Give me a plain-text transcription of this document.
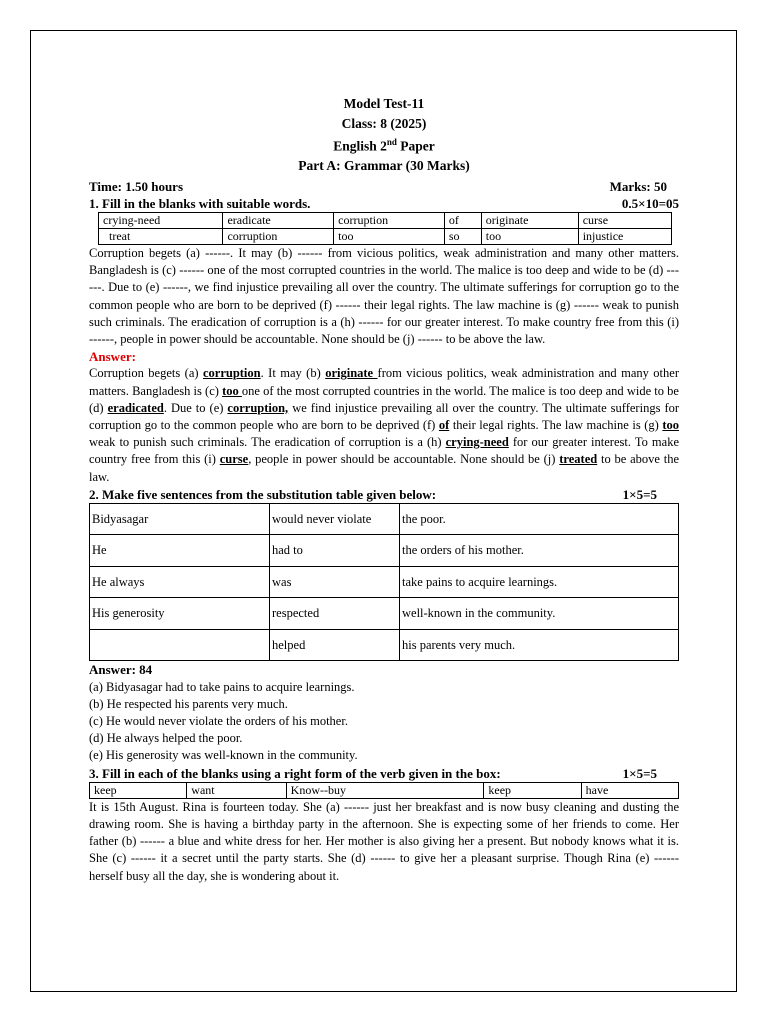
Model Test-11
Class: 8 (2025)
English 2nd Paper
Part A: Grammar (30 Marks)
Time: 1.50 hours	Marks: 50
1. Fill in the blanks with suitable words.	0.5×10=05
crying-need	eradicate	corruption	of	originate	curse
treat	corruption	too	so	too	injustice
Corruption begets (a) ------. It may (b) ------ from vicious politics, weak administration and many other matters. Bangladesh is (c) ------ one of the most corrupted countries in the world. The malice is too deep and wide to be (d) ------. Due to (e) ------, we find injustice prevailing all over the country. The ultimate sufferings for corruption go to the common people who are born to be deprived (f) ------ their legal rights. The law machine is (g) ------ weak to punish such criminals. The eradication of corruption is a (h) ------ for our greater interest. To make country free from this (i) ------, people in power should be accountable. None should be (j) ------ to be above the law.
Answer:
Corruption begets (a) corruption. It may (b) originate from vicious politics, weak administration and many other matters. Bangladesh is (c) too one of the most corrupted countries in the world. The malice is too deep and wide to be (d) eradicated. Due to (e) corruption, we find injustice prevailing all over the country. The ultimate sufferings for corruption go to the common people who are born to be deprived (f) of their legal rights. The law machine is (g) too weak to punish such criminals. The eradication of corruption is a (h) crying-need for our greater interest. To make country free from this (i) curse, people in power should be accountable. None should be (j) treated to be above the law.
2. Make five sentences from the substitution table given below:	1×5=5
Bidyasagar	would never violate	the poor.
He	had to	the orders of his mother.
He always	was	take pains to acquire learnings.
His generosity	respected	well-known in the community.
	helped	his parents very much.
Answer: 84
(a) Bidyasagar had to take pains to acquire learnings.
(b) He respected his parents very much.
(c) He would never violate the orders of his mother.
(d) He always helped the poor.
(e) His generosity was well-known in the community.
3. Fill in each of the blanks using a right form of the verb given in the box:	1×5=5
keep	want	Know--buy	keep	have
It is 15th August. Rina is fourteen today. She (a) ------ just her breakfast and is now busy cleaning and dusting the drawing room. She is having a birthday party in the afternoon. She is expecting some of her friends to come. Her father (b) ------ a blue and white dress for her. Her mother is also giving her a present. But nobody knows what it is. She (c) ------ it a secret until the party starts. She (d) ------ to give her a pleasant surprise. Though Rina (e) ------ herself busy all the day, she is wondering about it.
